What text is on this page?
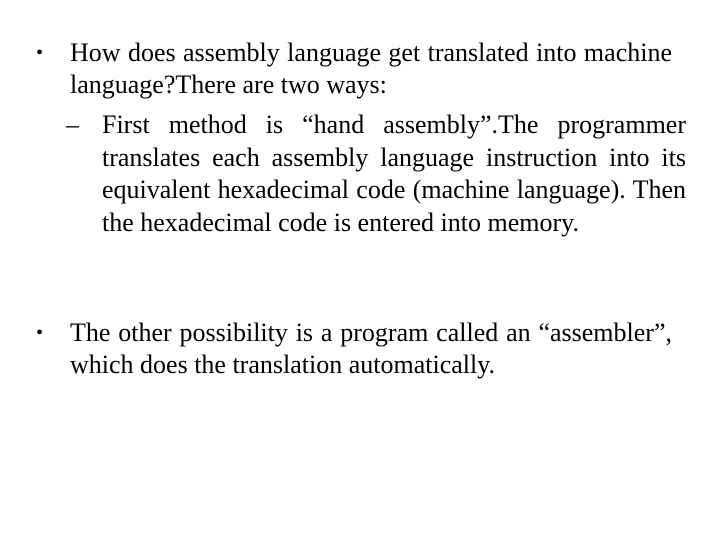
•	How does assembly language get translated into machine language?There are two ways:
– First method is “hand assembly”.The programmer translates each assembly language instruction into its equivalent hexadecimal code (machine language). Then the hexadecimal code is entered into memory.
•	The other possibility is a program called an “assembler”, which does the translation automatically.
